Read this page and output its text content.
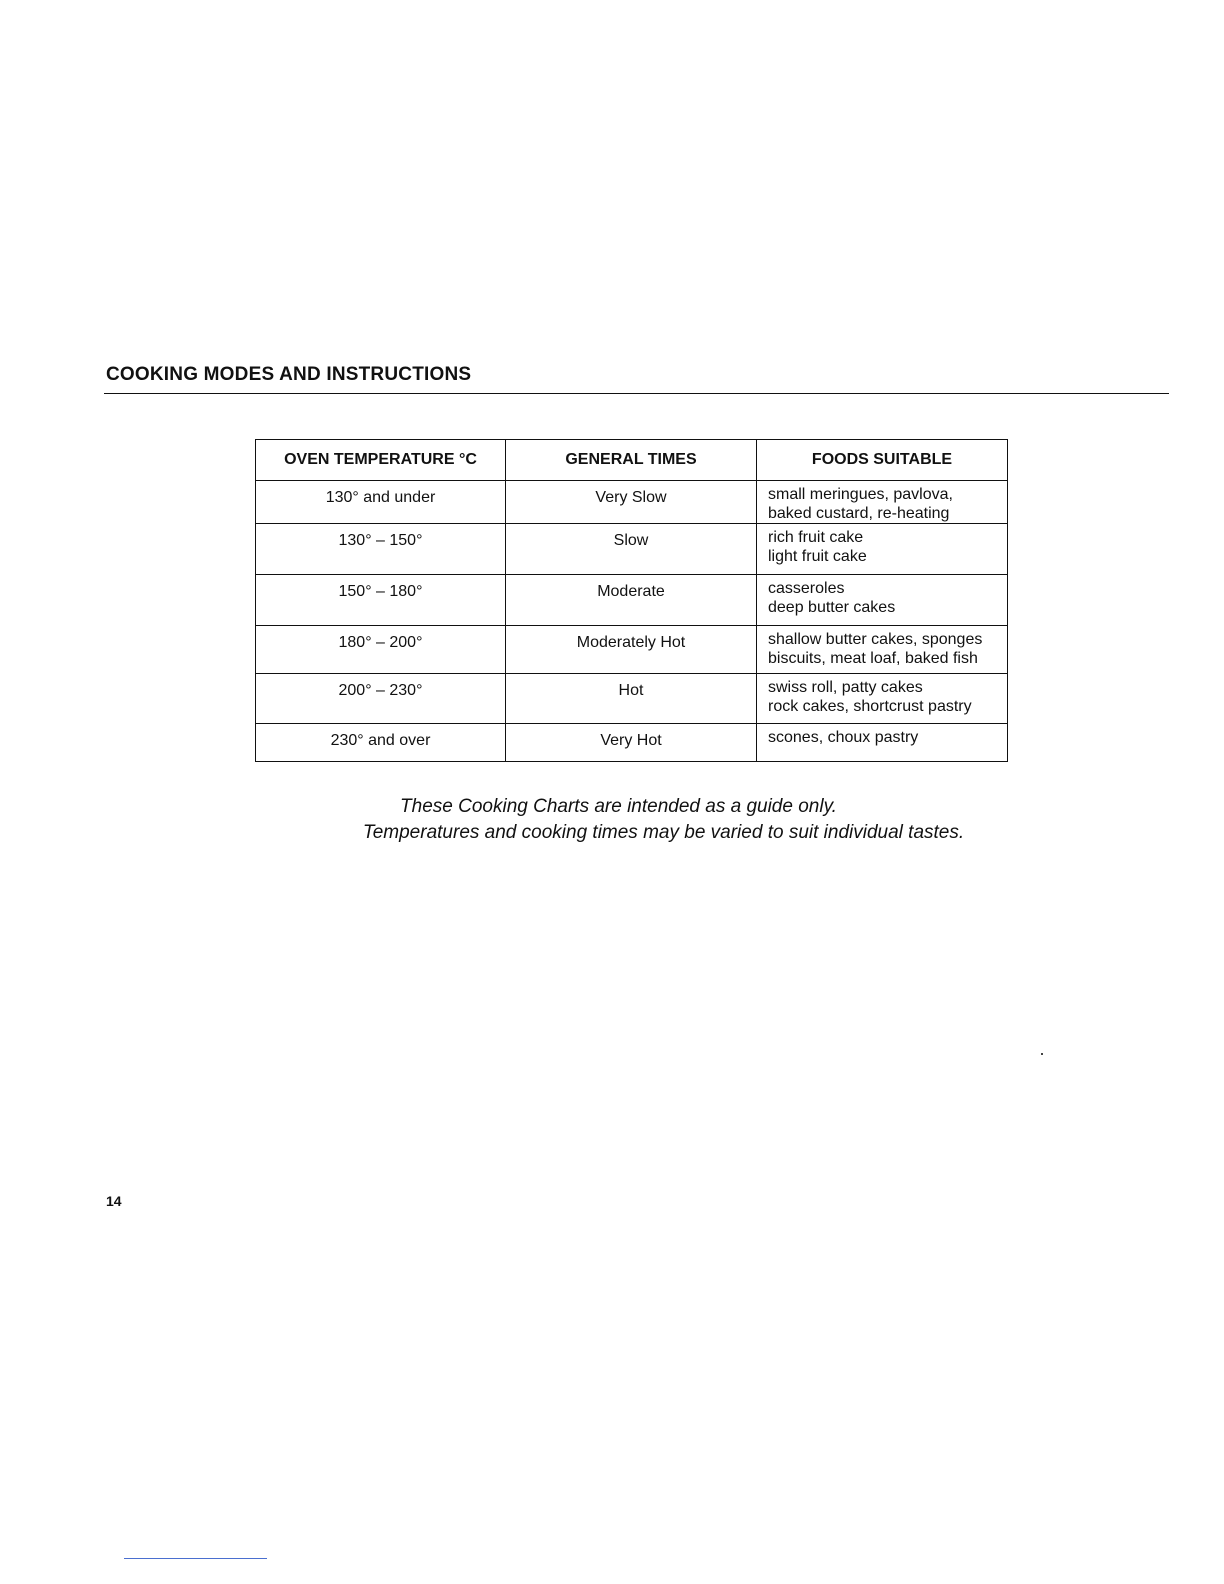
COOKING MODES AND INSTRUCTIONS
OVEN TEMPERATURE °C	GENERAL TIMES	FOODS SUITABLE
130° and under	Very Slow	small meringues, pavlova,
baked custard, re-heating

130° – 150°	Slow	rich fruit cake
light fruit cake

150° – 180°	Moderate	casseroles
deep butter cakes

180° – 200°	Moderately Hot	shallow butter cakes, sponges
biscuits, meat loaf, baked fish

200° – 230°	Hot	swiss roll, patty cakes
rock cakes, shortcrust pastry

230° and over	Very Hot	scones, choux pastry
These Cooking Charts are intended as a guide only.
Temperatures and cooking times may be varied to suit individual tastes.
14
